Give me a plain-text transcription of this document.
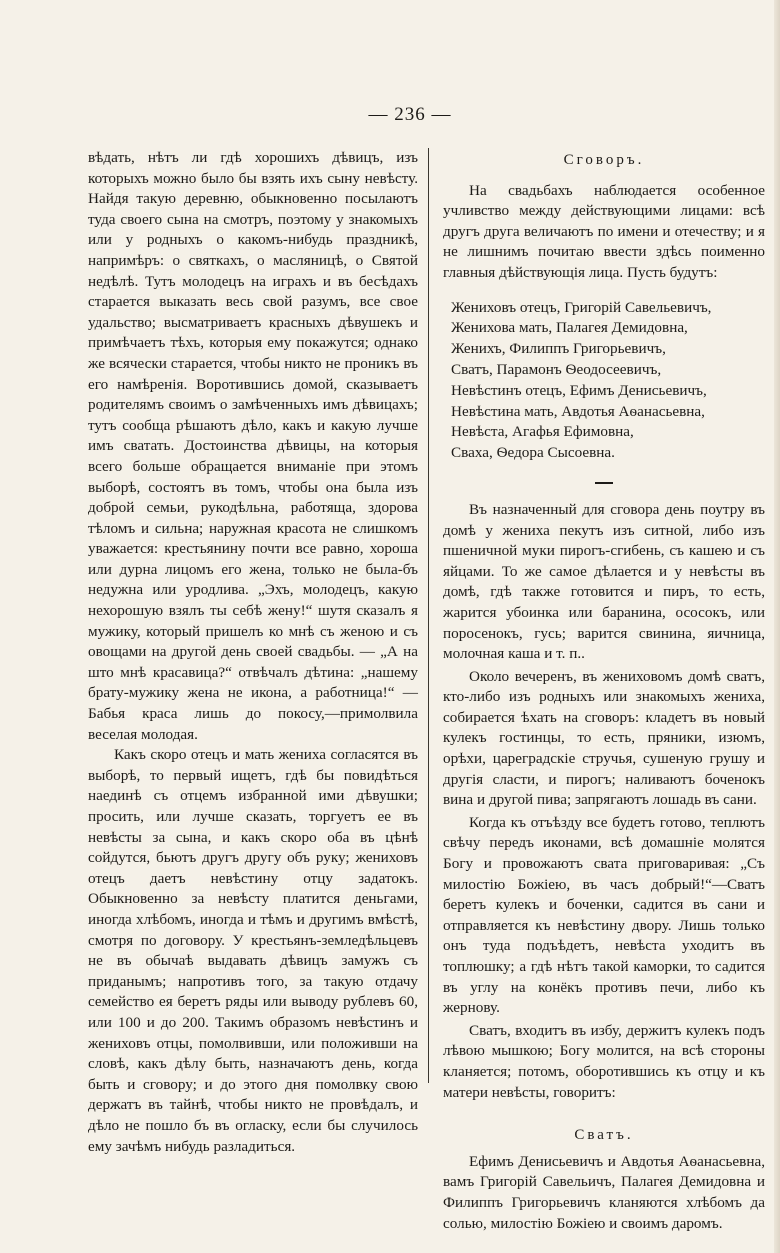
— 236 —

вѣдать, нѣтъ ли гдѣ хорошихъ дѣвицъ, изъ которыхъ можно было бы взять ихъ сыну невѣсту. Найдя такую деревню, обыкновенно посылаютъ туда своего сына на смотръ, поэтому у знакомыхъ или у родныхъ о какомъ-нибудь праздникѣ, напримѣръ: о святкахъ, о масляницѣ, о Святой недѣлѣ. Тутъ молодецъ на играхъ и въ бесѣдахъ старается выказать весь свой разумъ, все свое удальство; высматриваетъ красныхъ дѣвушекъ и примѣчаетъ тѣхъ, которыя ему покажутся; однако же всячески старается, чтобы никто не проникъ въ его намѣренія. Воротившись домой, сказываетъ родителямъ своимъ о замѣченныхъ имъ дѣвицахъ; тутъ сообща рѣшаютъ дѣло, какъ и какую лучше имъ сватать. Достоинства дѣвицы, на которыя всего больше обращается вниманіе при этомъ выборѣ, состоятъ въ томъ, чтобы она была изъ доброй семьи, рукодѣльна, работяща, здорова тѣломъ и сильна; наружная красота не слишкомъ уважается: крестьянину почти все равно, хороша или дурна лицомъ его жена, только не была-бъ недужна или уродлива. „Эхъ, молодецъ, какую нехорошую взялъ ты себѣ жену!“ шутя сказалъ я мужику, который пришелъ ко мнѣ съ женою и съ овощами на другой день своей свадьбы. — „А на што мнѣ красавица?“ отвѣчалъ дѣтина: „нашему брату-мужику жена не икона, а работница!“ — Бабья краса лишь до покосу,—примолвила веселая молодая.

Какъ скоро отецъ и мать жениха согласятся въ выборѣ, то первый ищетъ, гдѣ бы повидѣться наединѣ съ отцемъ избранной ими дѣвушки; просить, или лучше сказать, торгуетъ ее въ невѣсты за сына, и какъ скоро оба въ цѣнѣ сойдутся, бьютъ другъ другу объ руку; жениховъ отецъ даетъ невѣстину отцу задатокъ. Обыкновенно за невѣсту платится деньгами, иногда хлѣбомъ, иногда и тѣмъ и другимъ вмѣстѣ, смотря по договору. У крестьянъ-земледѣльцевъ не въ обычаѣ выдавать дѣвицъ замужъ съ приданымъ; напротивъ того, за такую отдачу семейство ея беретъ ряды или выводу рублевъ 60, или 100 и до 200. Такимъ образомъ невѣстинъ и жениховъ отцы, помолвивши, или положивши на словѣ, какъ дѣлу быть, назначаютъ день, когда быть и сговору; и до этого дня помолвку свою держатъ въ тайнѣ, чтобы никто не провѣдалъ, и дѣло не пошло бъ въ огласку, если бы случилось ему зачѣмъ нибудь разладиться.

Сговоръ.

На свадьбахъ наблюдается особенное учливство между действующими лицами: всѣ другъ друга величаютъ по имени и отечеству; и я не лишнимъ почитаю ввести здѣсь поименно главныя дѣйствующія лица. Пусть будутъ:

Жениховъ отецъ, Григорій Савельевичъ,
Женихова мать, Палагея Демидовна,
Женихъ, Филиппъ Григорьевичъ,
Сватъ, Парамонъ Ѳеодосеевичъ,
Невѣстинъ отецъ, Ефимъ Денисьевичъ,
Невѣстина мать, Авдотья Аѳанасьевна,
Невѣста, Агафья Ефимовна,
Сваха, Ѳедора Сысоевна.

Въ назначенный для сговора день поутру въ домѣ у жениха пекутъ изъ ситной, либо изъ пшеничной муки пирогъ-сгибень, съ кашею и съ яйцами. То же самое дѣлается и у невѣсты въ домѣ, гдѣ также готовится и пиръ, то есть, жарится убоинка или баранина, ососокъ, или поросенокъ, гусь; варится свинина, яичница, молочная каша и т. п..

Около вечеренъ, въ жениховомъ домѣ сватъ, кто-либо изъ родныхъ или знакомыхъ жениха, собирается ѣхать на сговоръ: кладетъ въ новый кулекъ гостинцы, то есть, пряники, изюмъ, орѣхи, цареградскіе стручья, сушеную грушу и другія сласти, и пирогъ; наливаютъ боченокъ вина и другой пива; запрягаютъ лошадь въ сани.

Когда къ отъѣзду все будетъ готово, теплютъ свѣчу передъ иконами, всѣ домашніе молятся Богу и провожаютъ свата приговаривая: „Съ милостію Божіею, въ часъ добрый!“—Сватъ беретъ кулекъ и боченки, садится въ сани и отправляется къ невѣстину двору. Лишь только онъ туда подъѣдетъ, невѣста уходитъ въ топлюшку; а гдѣ нѣтъ такой каморки, то садится въ углу на конёкъ противъ печи, либо къ жернову.

Сватъ, входитъ въ избу, держитъ кулекъ подъ лѣвою мышкою; Богу молится, на всѣ стороны кланяется; потомъ, оборотившись къ отцу и къ матери невѣсты, говоритъ:

Сватъ.

Ефимъ Денисьевичъ и Авдотья Аѳанасьевна, вамъ Григорій Савельичъ, Палагея Демидовна и Филиппъ Григорьевичъ кланяются хлѣбомъ да солью, милостію Божіею и своимъ даромъ.
